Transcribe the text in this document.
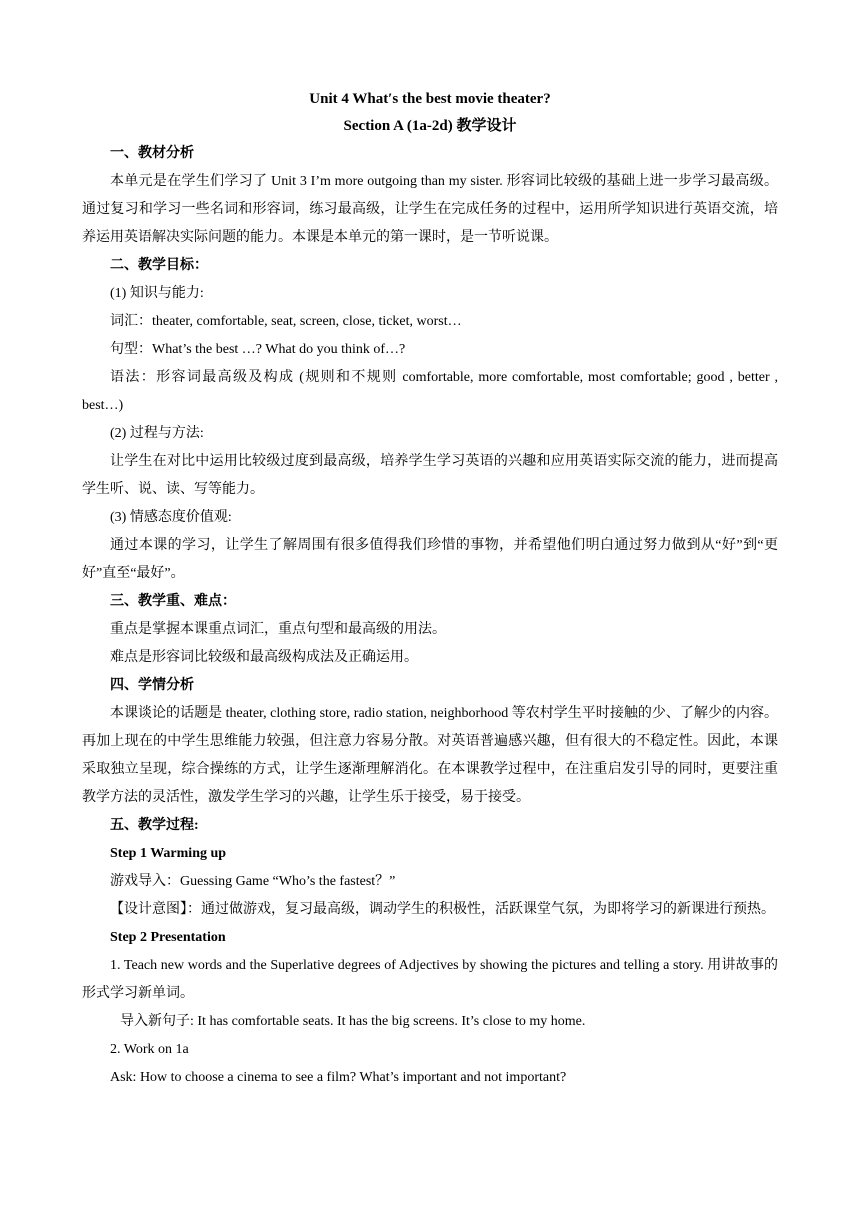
Unit 4 What′s the best movie theater?

Section A (1a-2d) 教学设计

一、教材分析

本单元是在学生们学习了 Unit 3 I’m more outgoing than my sister. 形容词比较级的基础上进一步学习最高级。通过复习和学习一些名词和形容词，练习最高级，让学生在完成任务的过程中，运用所学知识进行英语交流，培养运用英语解决实际问题的能力。本课是本单元的第一课时，是一节听说课。

二、教学目标：

(1) 知识与能力:

词汇：theater, comfortable, seat, screen, close, ticket, worst…

句型：What’s the best …? What do you think of…?

语法：形容词最高级及构成 (规则和不规则 comfortable, more comfortable, most comfortable; good , better , best…)

(2) 过程与方法:

让学生在对比中运用比较级过度到最高级，培养学生学习英语的兴趣和应用英语实际交流的能力，进而提高学生听、说、读、写等能力。

(3) 情感态度价值观:

通过本课的学习，让学生了解周围有很多值得我们珍惜的事物，并希望他们明白通过努力做到从“好”到“更好”直至“最好”。

三、教学重、难点：

重点是掌握本课重点词汇，重点句型和最高级的用法。

难点是形容词比较级和最高级构成法及正确运用。

四、学情分析

本课谈论的话题是 theater, clothing store, radio station, neighborhood 等农村学生平时接触的少、了解少的内容。再加上现在的中学生思维能力较强，但注意力容易分散。对英语普遍感兴趣，但有很大的不稳定性。因此，本课采取独立呈现，综合操练的方式，让学生逐渐理解消化。在本课教学过程中，在注重启发引导的同时，更要注重教学方法的灵活性，激发学生学习的兴趣，让学生乐于接受，易于接受。

五、教学过程:

Step 1 Warming up

游戏导入：Guessing Game “Who’s the fastest？”

【设计意图】：通过做游戏，复习最高级，调动学生的积极性，活跃课堂气氛，为即将学习的新课进行预热。

Step 2 Presentation

1. Teach new words and the Superlative degrees of Adjectives by showing the pictures and telling a story. 用讲故事的形式学习新单词。

导入新句子: It has comfortable seats. It has the big screens. It’s close to my home.

2. Work on 1a

Ask: How to choose a cinema to see a film? What’s important and not important?
